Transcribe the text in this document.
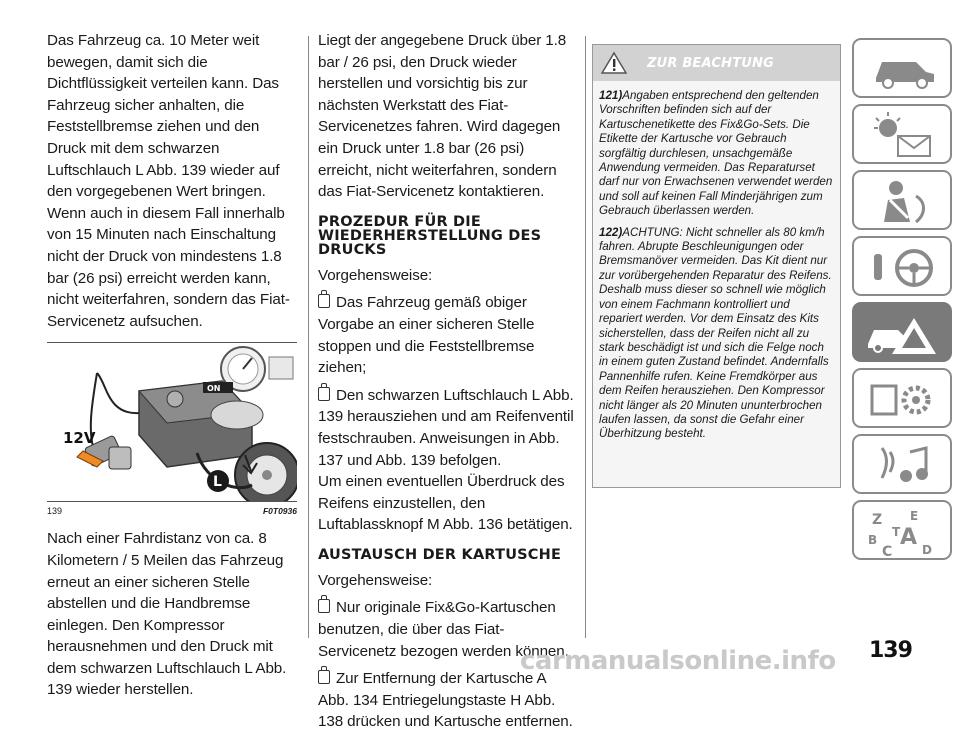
Das Fahrzeug ca. 10 Meter weit bewegen, damit sich die Dichtflüssigkeit verteilen kann. Das Fahrzeug sicher anhalten, die Feststellbremse ziehen und den Druck mit dem schwarzen Luftschlauch L Abb. 139 wieder auf den vorgegebenen Wert bringen. Wenn auch in diesem Fall innerhalb von 15 Minuten nach Einschaltung nicht der Druck von mindestens 1.8 bar (26 psi) erreicht werden kann, nicht weiterfahren, sondern das Fiat-Servicenetz aufsuchen.

ON
12V
L
139	F0T0936

Nach einer Fahrdistanz von ca. 8 Kilometern / 5 Meilen das Fahrzeug erneut an einer sicheren Stelle abstellen und die Handbremse einlegen. Den Kompressor herausnehmen und den Druck mit dem schwarzen Luftschlauch L Abb. 139 wieder herstellen.

Liegt der angegebene Druck über 1.8 bar / 26 psi, den Druck wieder herstellen und vorsichtig bis zur nächsten Werkstatt des Fiat-Servicenetzes fahren. Wird dagegen ein Druck unter 1.8 bar (26 psi) erreicht, nicht weiterfahren, sondern das Fiat-Servicenetz kontaktieren.

PROZEDUR FÜR DIE WIEDERHERSTELLUNG DES DRUCKS

Vorgehensweise:

Das Fahrzeug gemäß obiger Vorgabe an einer sicheren Stelle stoppen und die Feststellbremse ziehen;

Den schwarzen Luftschlauch L Abb. 139 herausziehen und am Reifenventil festschrauben. Anweisungen in Abb. 137 und Abb. 139 befolgen.

Um einen eventuellen Überdruck des Reifens einzustellen, den Luftablassknopf M Abb. 136 betätigen.

AUSTAUSCH DER KARTUSCHE

Vorgehensweise:

Nur originale Fix&Go-Kartuschen benutzen, die über das Fiat-Servicenetz bezogen werden können.

Zur Entfernung der Kartusche A Abb. 134 Entriegelungstaste H Abb. 138 drücken und Kartusche entfernen.

ZUR BEACHTUNG

121)Angaben entsprechend den geltenden Vorschriften befinden sich auf der Kartuschenetikette des Fix&Go-Sets. Die Etikette der Kartusche vor Gebrauch sorgfältig durchlesen, unsachgemäße Anwendung vermeiden. Das Reparaturset darf nur von Erwachsenen verwendet werden und soll auf keinen Fall Minderjährigen zum Gebrauch überlassen werden.

122)ACHTUNG: Nicht schneller als 80 km/h fahren. Abrupte Beschleunigungen oder Bremsmanöver vermeiden. Das Kit dient nur zur vorübergehenden Reparatur des Reifens. Deshalb muss dieser so schnell wie möglich von einem Fachmann kontrolliert und repariert werden. Vor dem Einsatz des Kits sicherstellen, dass der Reifen nicht all zu stark beschädigt ist und sich die Felge noch in einem guten Zustand befindet. Andernfalls Pannenhilfe rufen. Keine Fremdkörper aus dem Reifen herausziehen. Den Kompressor nicht länger als 20 Minuten ununterbrochen laufen lassen, da sonst die Gefahr einer Überhitzung besteht.

Z E
B A
C
T
D
carmanualsonline.info 139
